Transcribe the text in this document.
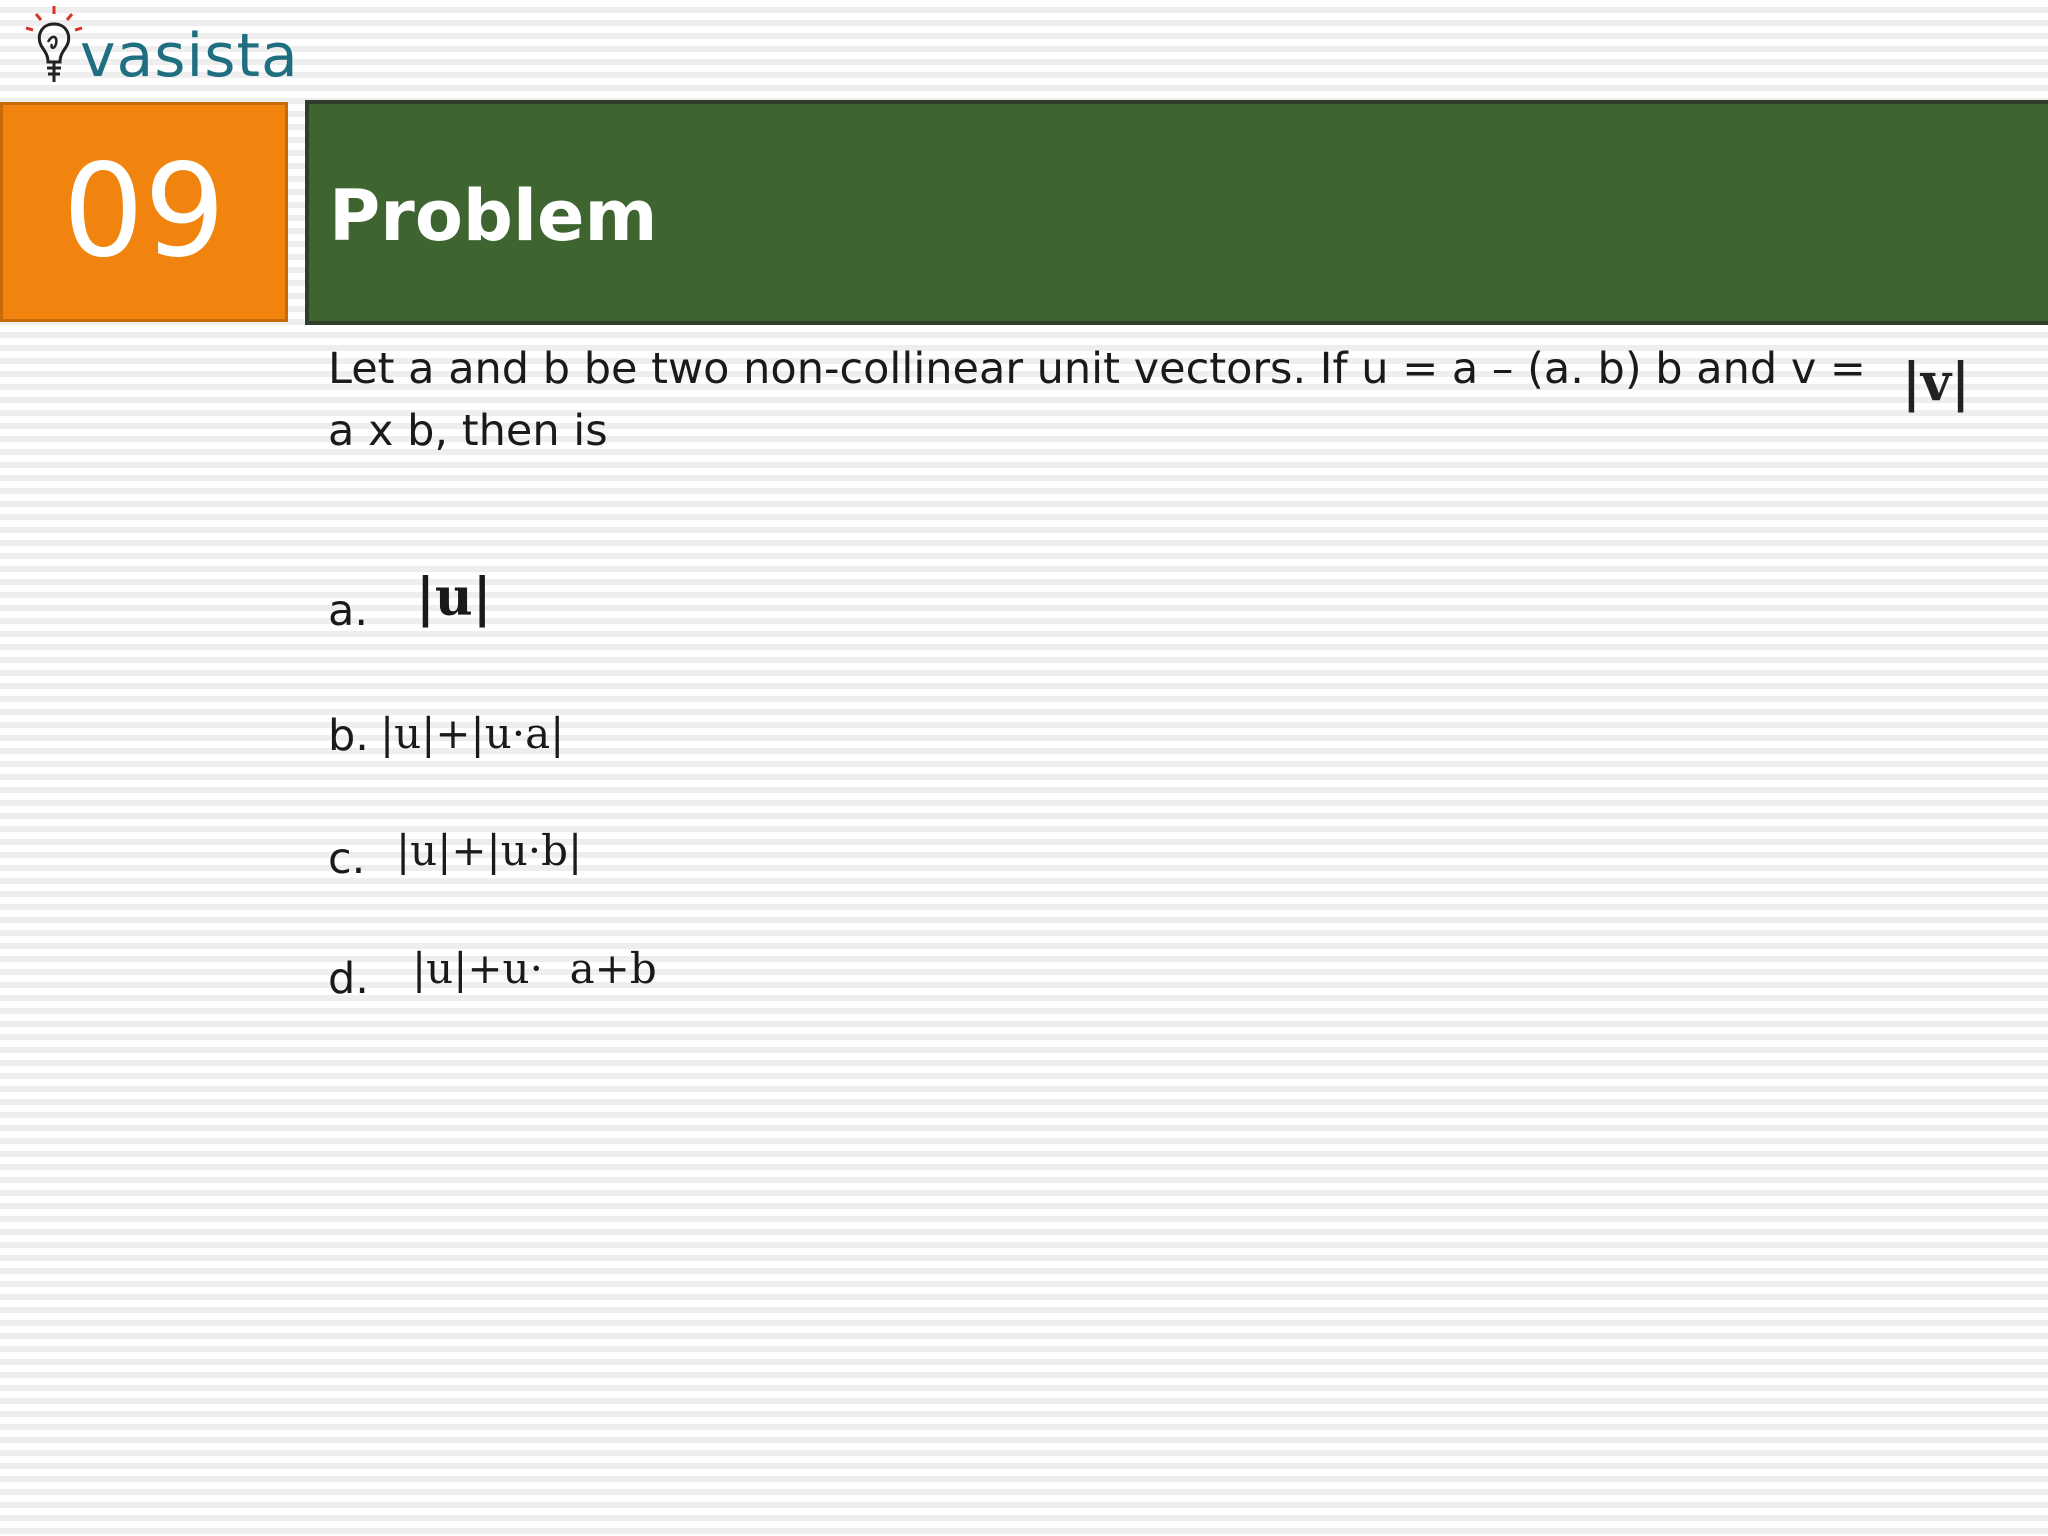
vasista
09 Problem
Let a and b be two non-collinear unit vectors. If u = a – (a. b) b and v = a x b, then is
|v|
a. |u|
b. |u|+|u·a|
c. |u|+|u·b|
d. |u|+u·  a+b
